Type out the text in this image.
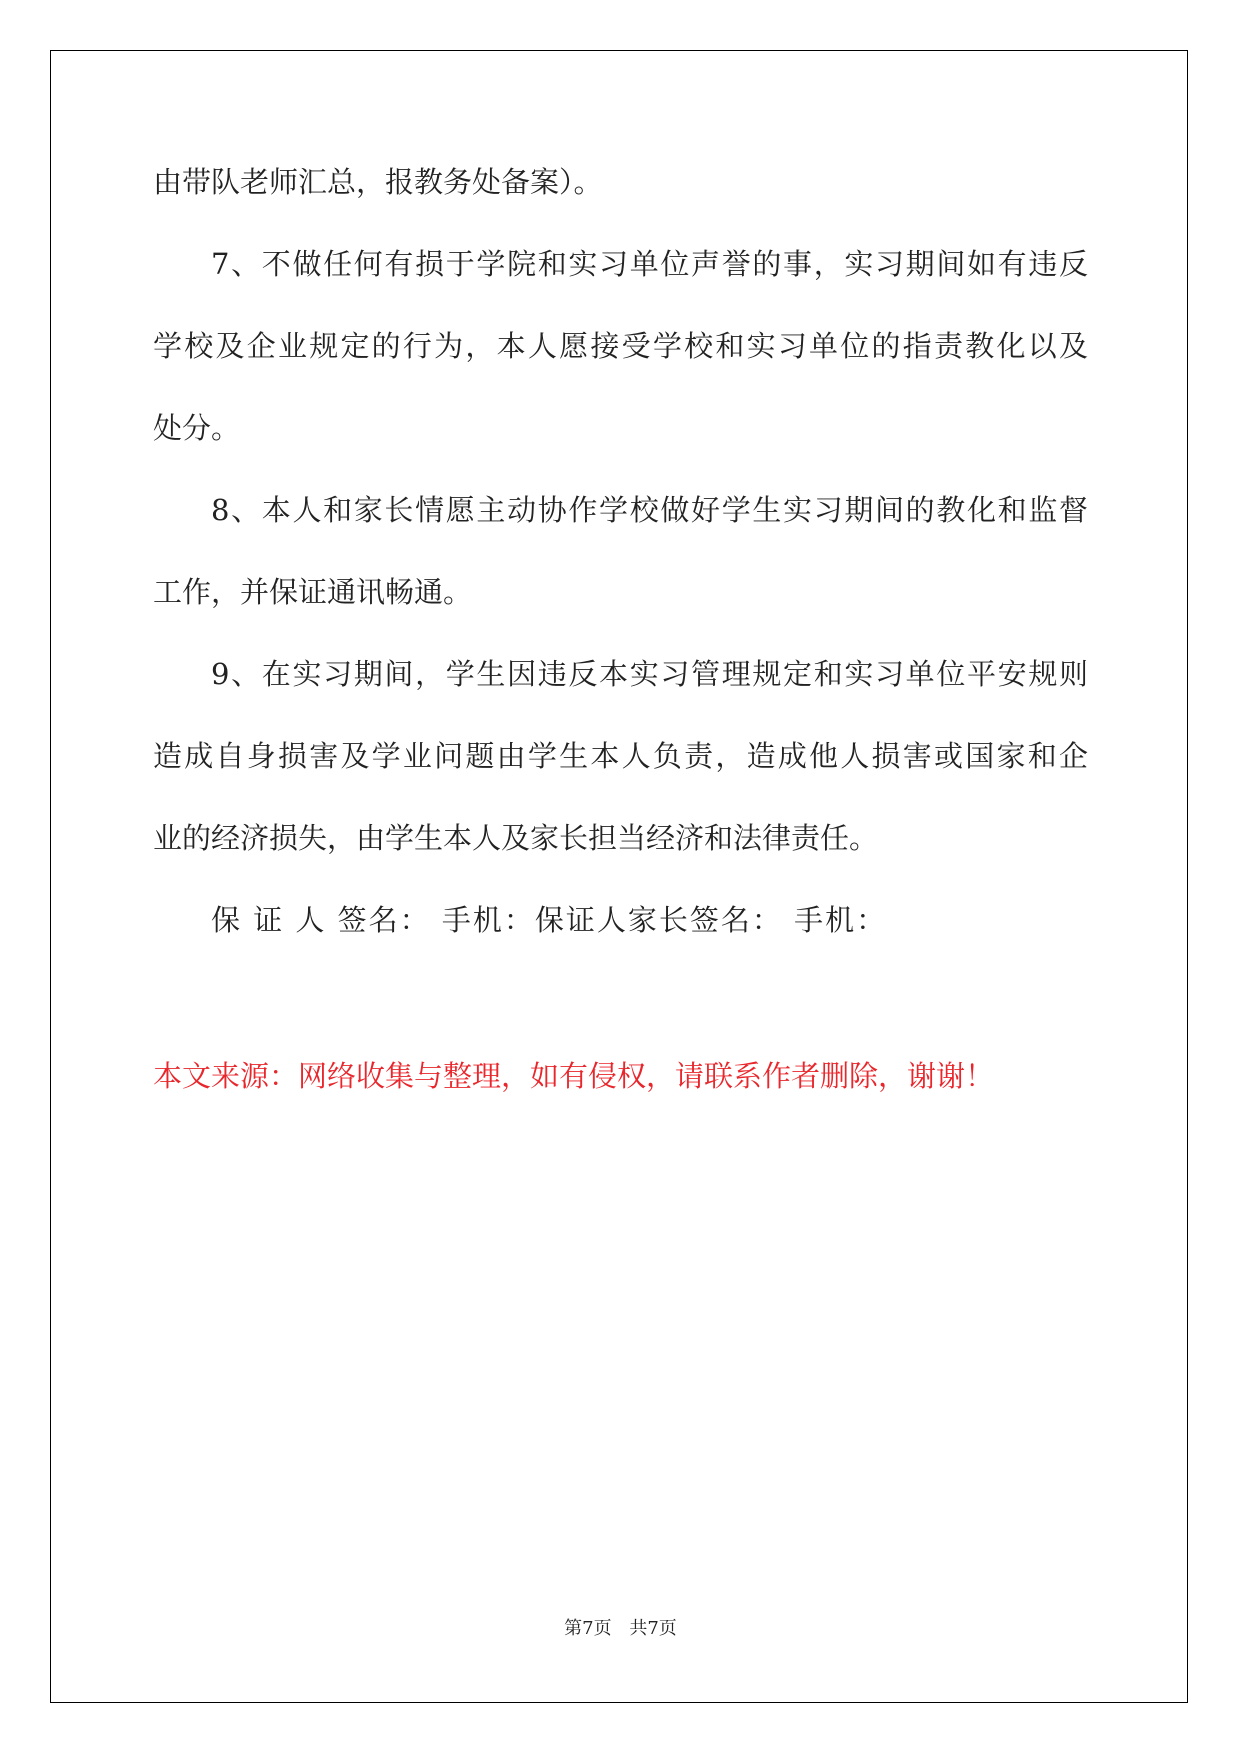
由带队老师汇总，报教务处备案）。
7、不做任何有损于学院和实习单位声誉的事，实习期间如有违反
学校及企业规定的行为，本人愿接受学校和实习单位的指责教化以及
处分。
8、本人和家长情愿主动协作学校做好学生实习期间的教化和监督
工作，并保证通讯畅通。
9、在实习期间，学生因违反本实习管理规定和实习单位平安规则
造成自身损害及学业问题由学生本人负责，造成他人损害或国家和企
业的经济损失，由学生本人及家长担当经济和法律责任。
保 证 人 签名： 手机：保证人家长签名： 手机：
本文来源：网络收集与整理，如有侵权，请联系作者删除，谢谢！
第7页 共7页
